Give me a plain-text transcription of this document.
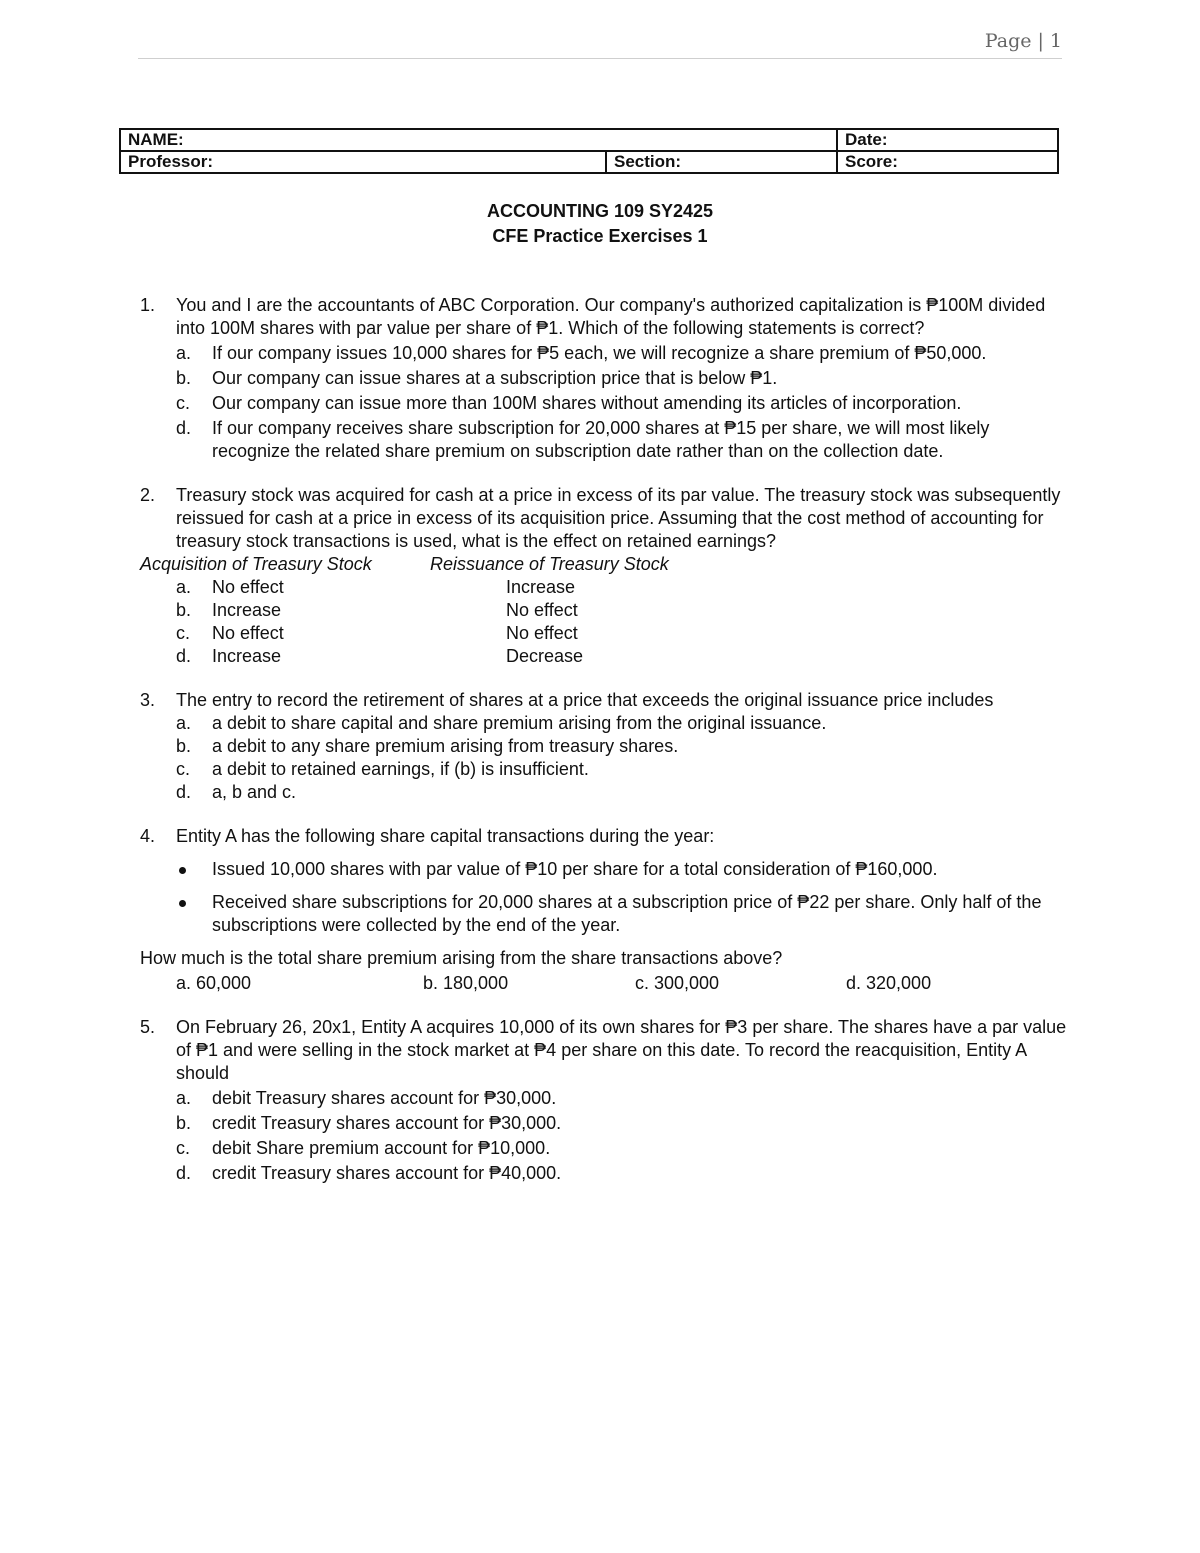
Page | 1
NAME:		Date:
Professor:	Section:	Score:
ACCOUNTING 109 SY2425
CFE Practice Exercises 1
1. You and I are the accountants of ABC Corporation. Our company's authorized capitalization is ₱100M divided into 100M shares with par value per share of ₱1. Which of the following statements is correct?
a. If our company issues 10,000 shares for ₱5 each, we will recognize a share premium of ₱50,000.
b. Our company can issue shares at a subscription price that is below ₱1.
c. Our company can issue more than 100M shares without amending its articles of incorporation.
d. If our company receives share subscription for 20,000 shares at ₱15 per share, we will most likely recognize the related share premium on subscription date rather than on the collection date.
2. Treasury stock was acquired for cash at a price in excess of its par value. The treasury stock was subsequently reissued for cash at a price in excess of its acquisition price. Assuming that the cost method of accounting for treasury stock transactions is used, what is the effect on retained earnings?
Acquisition of Treasury Stock	Reissuance of Treasury Stock
a. No effect	Increase
b. Increase	No effect
c. No effect	No effect
d. Increase	Decrease
3. The entry to record the retirement of shares at a price that exceeds the original issuance price includes
a. a debit to share capital and share premium arising from the original issuance.
b. a debit to any share premium arising from treasury shares.
c. a debit to retained earnings, if (b) is insufficient.
d. a, b and c.
4. Entity A has the following share capital transactions during the year:
Issued 10,000 shares with par value of ₱10 per share for a total consideration of ₱160,000.
Received share subscriptions for 20,000 shares at a subscription price of ₱22 per share. Only half of the subscriptions were collected by the end of the year.
How much is the total share premium arising from the share transactions above?
a. 60,000	b. 180,000	c. 300,000	d. 320,000
5. On February 26, 20x1, Entity A acquires 10,000 of its own shares for ₱3 per share. The shares have a par value of ₱1 and were selling in the stock market at ₱4 per share on this date. To record the reacquisition, Entity A should
a. debit Treasury shares account for ₱30,000.
b. credit Treasury shares account for ₱30,000.
c. debit Share premium account for ₱10,000.
d. credit Treasury shares account for ₱40,000.
